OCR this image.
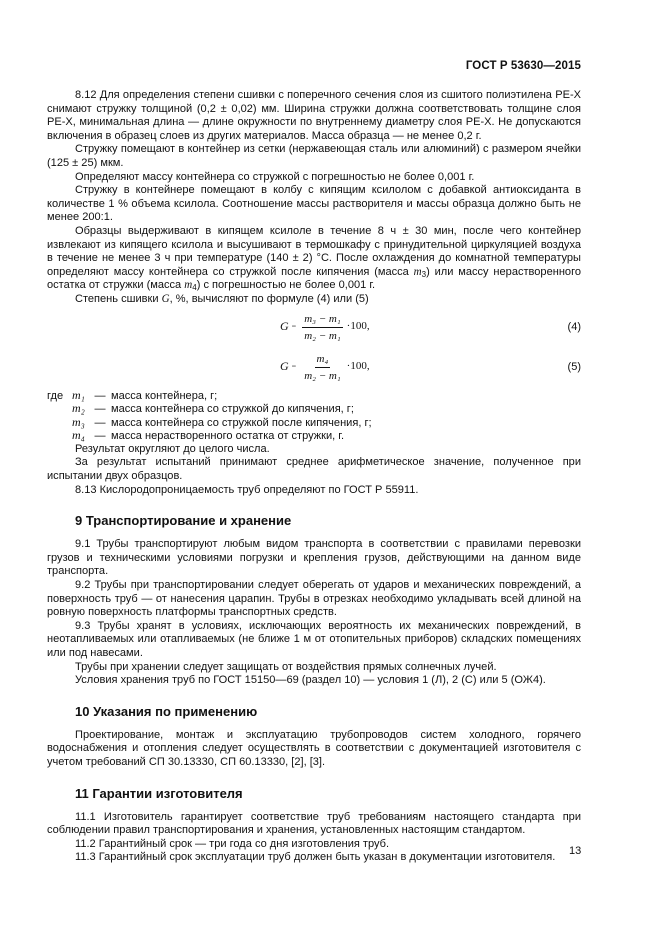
ГОСТ Р 53630—2015

8.12 Для определения степени сшивки с поперечного сечения слоя из сшитого полиэтилена PE-X снимают стружку толщиной (0,2 ± 0,02) мм. Ширина стружки должна соответствовать толщине слоя PE-X, минимальная длина — длине окружности по внутреннему диаметру слоя PE-X. Не допускаются включения в образец слоев из других материалов. Масса образца — не менее 0,2 г.

Стружку помещают в контейнер из сетки (нержавеющая сталь или алюминий) с размером ячейки (125 ± 25) мкм.

Определяют массу контейнера со стружкой с погрешностью не более 0,001 г.

Стружку в контейнере помещают в колбу с кипящим ксилолом с добавкой антиоксиданта в количестве 1 % объема ксилола. Соотношение массы растворителя и массы образца должно быть не менее 200:1.

Образцы выдерживают в кипящем ксилоле в течение 8 ч ± 30 мин, после чего контейнер извлекают из кипящего ксилола и высушивают в термошкафу с принудительной циркуляцией воздуха в течение не менее 3 ч при температуре (140 ± 2) °С. После охлаждения до комнатной температуры определяют массу контейнера со стружкой после кипячения (масса $m_3$) или массу нерастворенного остатка от стружки (масса $m_4$) с погрешностью не более 0,001 г.

Степень сшивки G, %, вычисляют по формуле (4) или (5)

$G = \frac{\text{m₃ − m₁}}{\text{m₂ − m₁}} \cdot 100$,	(4)
$G = \frac{\text{m₄}}{\text{m₂ − m₁}} \cdot 100$,	(5)
где m₁ — масса контейнера, г;
m₂ — масса контейнера со стружкой до кипячения, г;
m₃ — масса контейнера со стружкой после кипячения, г;
m₄ — масса нерастворенного остатка от стружки, г.

Результат округляют до целого числа.

За результат испытаний принимают среднее арифметическое значение, полученное при испытании двух образцов.

8.13 Кислородопроницаемость труб определяют по ГОСТ Р 55911.

9 Транспортирование и хранение

9.1 Трубы транспортируют любым видом транспорта в соответствии с правилами перевозки грузов и техническими условиями погрузки и крепления грузов, действующими на данном виде транспорта.

9.2 Трубы при транспортировании следует оберегать от ударов и механических повреждений, а поверхность труб — от нанесения царапин. Трубы в отрезках необходимо укладывать всей длиной на ровную поверхность платформы транспортных средств.

9.3 Трубы хранят в условиях, исключающих вероятность их механических повреждений, в неотапливаемых или отапливаемых (не ближе 1 м от отопительных приборов) складских помещениях или под навесами.

Трубы при хранении следует защищать от воздействия прямых солнечных лучей.

Условия хранения труб по ГОСТ 15150—69 (раздел 10) — условия 1 (Л), 2 (С) или 5 (ОЖ4).

10 Указания по применению

Проектирование, монтаж и эксплуатацию трубопроводов систем холодного, горячего водоснабжения и отопления следует осуществлять в соответствии с документацией изготовителя с учетом требований СП 30.13330, СП 60.13330, [2], [3].

11 Гарантии изготовителя

11.1 Изготовитель гарантирует соответствие труб требованиям настоящего стандарта при соблюдении правил транспортирования и хранения, установленных настоящим стандартом.

11.2 Гарантийный срок — три года со дня изготовления труб.

11.3 Гарантийный срок эксплуатации труб должен быть указан в документации изготовителя.

13
